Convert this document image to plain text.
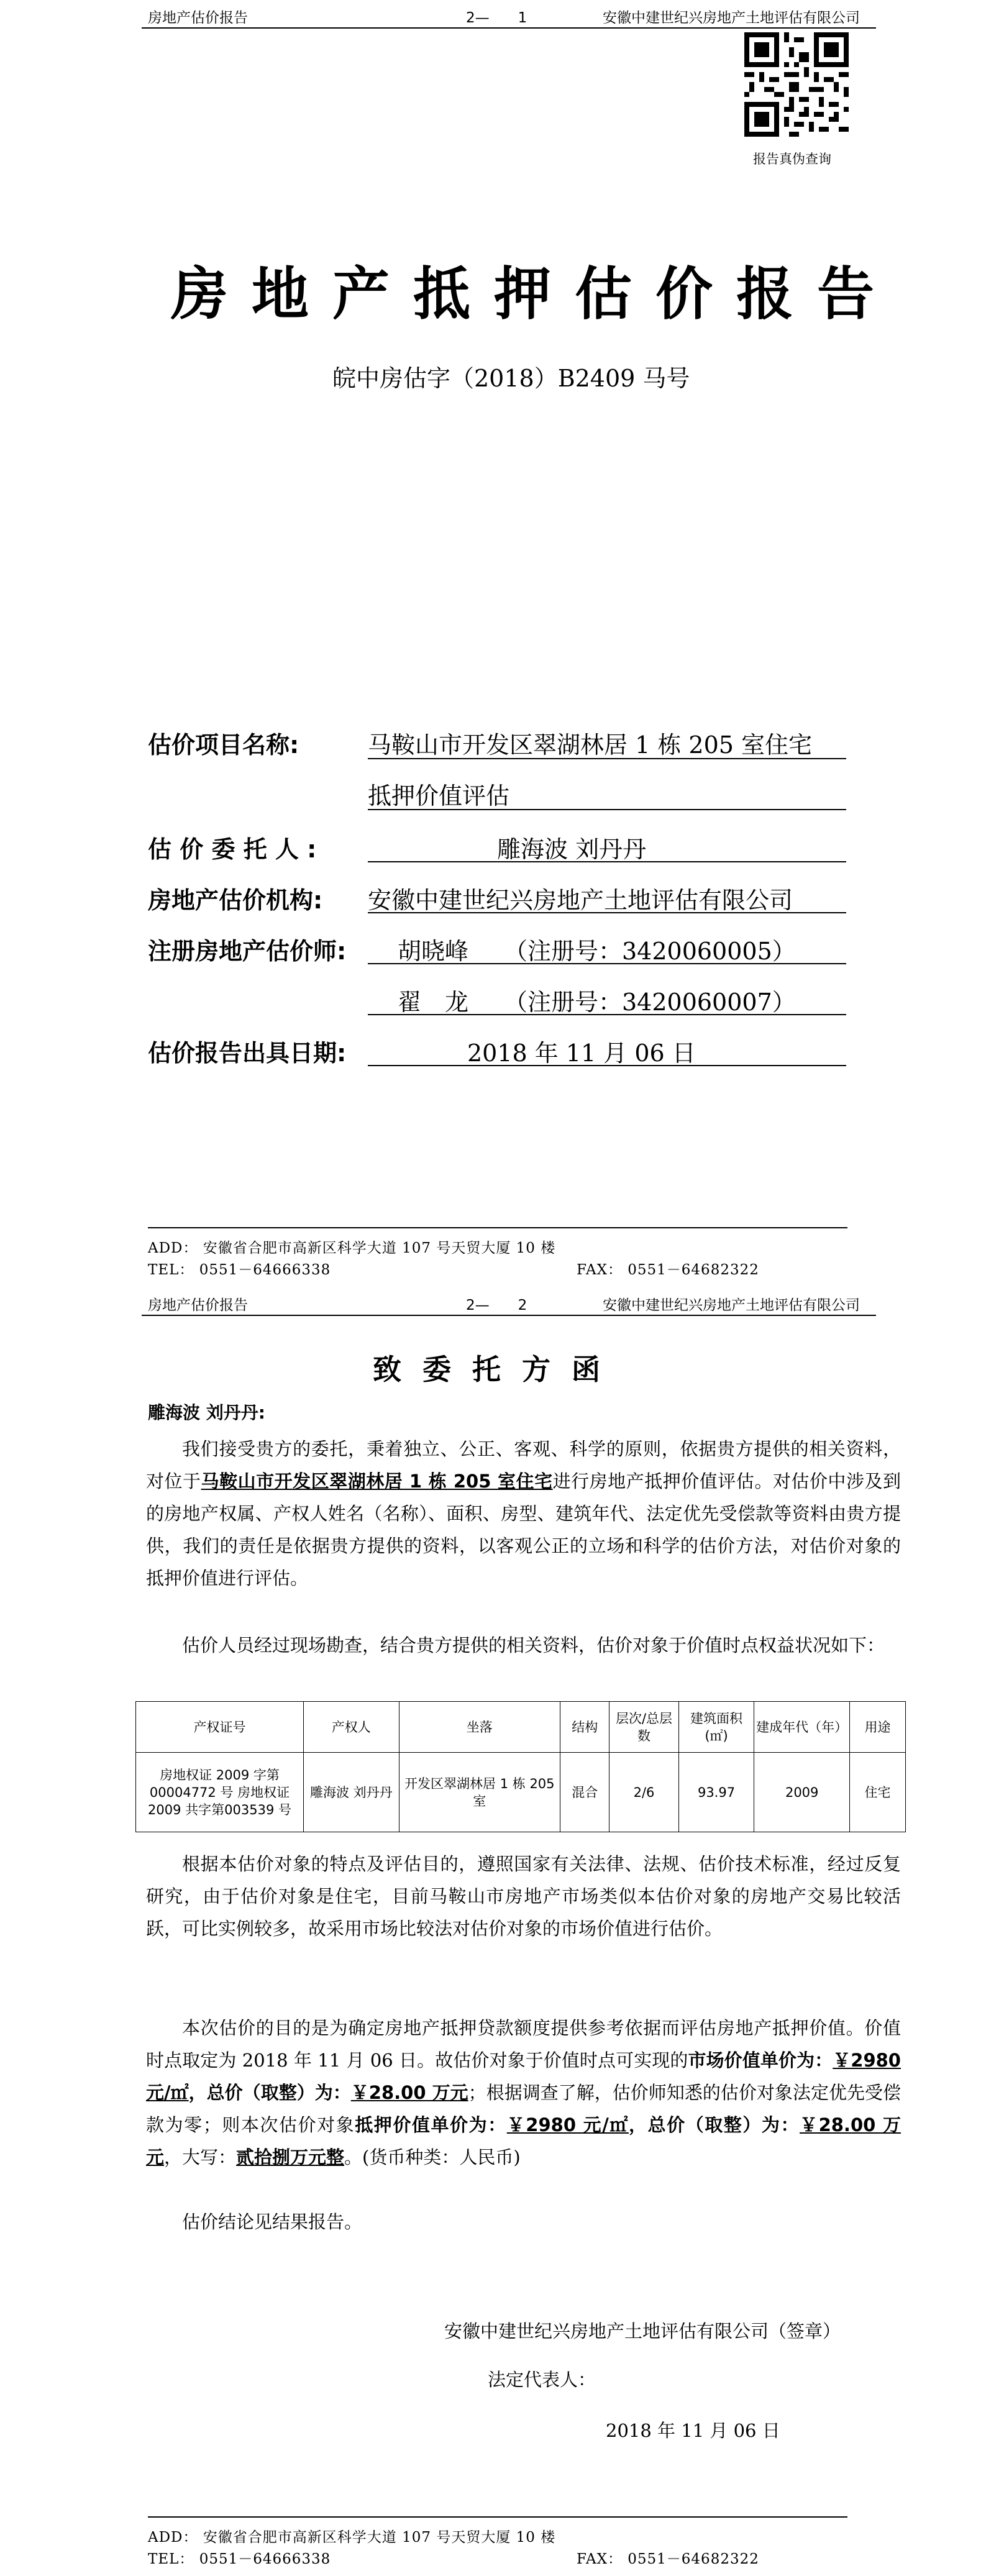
房地产估价报告	2—　　1	安徽中建世纪兴房地产土地评估有限公司
报告真伪查询
房地产抵押估价报告
皖中房估字（2018）B2409 马号
估价项目名称:	马鞍山市开发区翠湖林居 1 栋 205 室住宅
抵押价值评估
估 价 委 托 人 :	雕海波 刘丹丹
房地产估价机构: 安徽中建世纪兴房地产土地评估有限公司
注册房地产估价师: 胡晓峰　　（注册号：3420060005）
翟　龙　　（注册号：3420060007）
估价报告出具日期:	2018 年 11 月 06 日
ADD： 安徽省合肥市高新区科学大道 107 号天贸大厦 10 楼
TEL： 0551－64666338	FAX： 0551－64682322
房地产估价报告	2—　　2	安徽中建世纪兴房地产土地评估有限公司
致委托方函
雕海波 刘丹丹:
我们接受贵方的委托，秉着独立、公正、客观、科学的原则，依据贵方提供的相关资料，对位于马鞍山市开发区翠湖林居 1 栋 205 室住宅进行房地产抵押价值评估。对估价中涉及到的房地产权属、产权人姓名（名称）、面积、房型、建筑年代、法定优先受偿款等资料由贵方提供，我们的责任是依据贵方提供的资料，以客观公正的立场和科学的估价方法，对估价对象的抵押价值进行评估。
估价人员经过现场勘查，结合贵方提供的相关资料，估价对象于价值时点权益状况如下：
产权证号	产权人	坐落	结构	层次/总层数	建筑面积(㎡)	建成年代（年）	用途
房地权证 2009 字第00004772 号 房地权证 2009 共字第003539 号	雕海波 刘丹丹	开发区翠湖林居 1 栋 205 室	混合	2/6	93.97	2009	住宅
根据本估价对象的特点及评估目的，遵照国家有关法律、法规、估价技术标准，经过反复研究，由于估价对象是住宅，目前马鞍山市房地产市场类似本估价对象的房地产交易比较活跃，可比实例较多，故采用市场比较法对估价对象的市场价值进行估价。
本次估价的目的是为确定房地产抵押贷款额度提供参考依据而评估房地产抵押价值。价值时点取定为 2018 年 11 月 06 日。故估价对象于价值时点可实现的市场价值单价为：￥2980 元/㎡，总价（取整）为：￥28.00 万元；根据调查了解，估价师知悉的估价对象法定优先受偿款为零；则本次估价对象抵押价值单价为：￥2980 元/㎡，总价（取整）为：￥28.00 万元，大写：贰拾捌万元整。(货币种类：人民币)
估价结论见结果报告。
安徽中建世纪兴房地产土地评估有限公司（签章）
法定代表人：
2018 年 11 月 06 日
ADD： 安徽省合肥市高新区科学大道 107 号天贸大厦 10 楼
TEL： 0551－64666338	FAX： 0551－64682322
